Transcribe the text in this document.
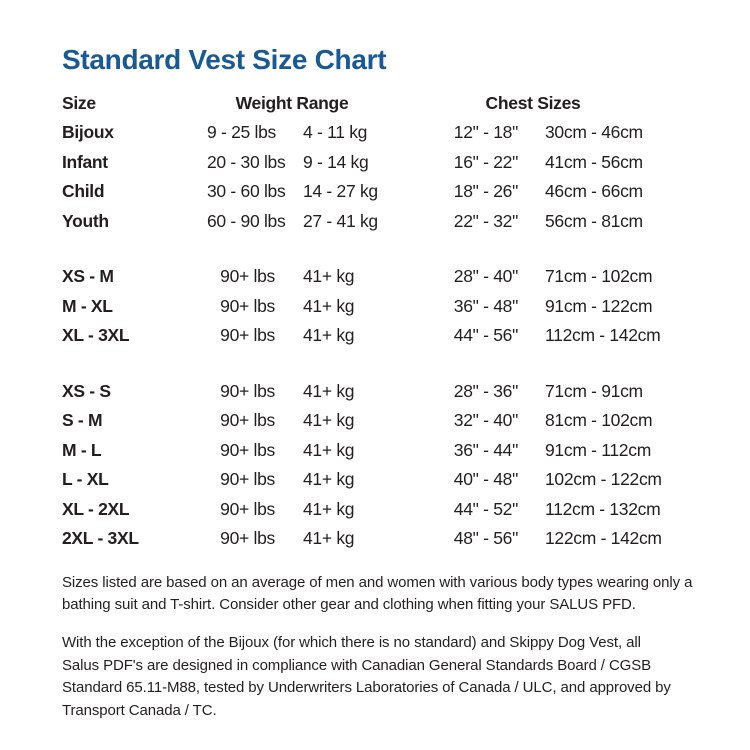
Standard Vest Size Chart
Size	Weight Range	Chest Sizes
Bijoux	9 - 25 lbs	4 - 11 kg	12" - 18"	30cm - 46cm
Infant	20 - 30 lbs	9 - 14 kg	16" - 22"	41cm - 56cm
Child	30 - 60 lbs	14 - 27 kg	18" - 26"	46cm - 66cm
Youth	60 - 90 lbs	27 - 41 kg	22" - 32"	56cm - 81cm
XS - M	90+ lbs	41+ kg	28" - 40"	71cm - 102cm
M - XL	90+ lbs	41+ kg	36" - 48"	91cm - 122cm
XL - 3XL	90+ lbs	41+ kg	44" - 56"	112cm - 142cm
XS - S	90+ lbs	41+ kg	28" - 36"	71cm - 91cm
S - M	90+ lbs	41+ kg	32" - 40"	81cm - 102cm
M - L	90+ lbs	41+ kg	36" - 44"	91cm - 112cm
L - XL	90+ lbs	41+ kg	40" - 48"	102cm - 122cm
XL - 2XL	90+ lbs	41+ kg	44" - 52"	112cm - 132cm
2XL - 3XL	90+ lbs	41+ kg	48" - 56"	122cm - 142cm
Sizes listed are based on an average of men and women with various body types wearing only a
bathing suit and T-shirt. Consider other gear and clothing when fitting your SALUS PFD.
With the exception of the Bijoux (for which there is no standard) and Skippy Dog Vest, all
Salus PDF's are designed in compliance with Canadian General Standards Board / CGSB
Standard 65.11-M88, tested by Underwriters Laboratories of Canada / ULC, and approved by
Transport Canada / TC.
